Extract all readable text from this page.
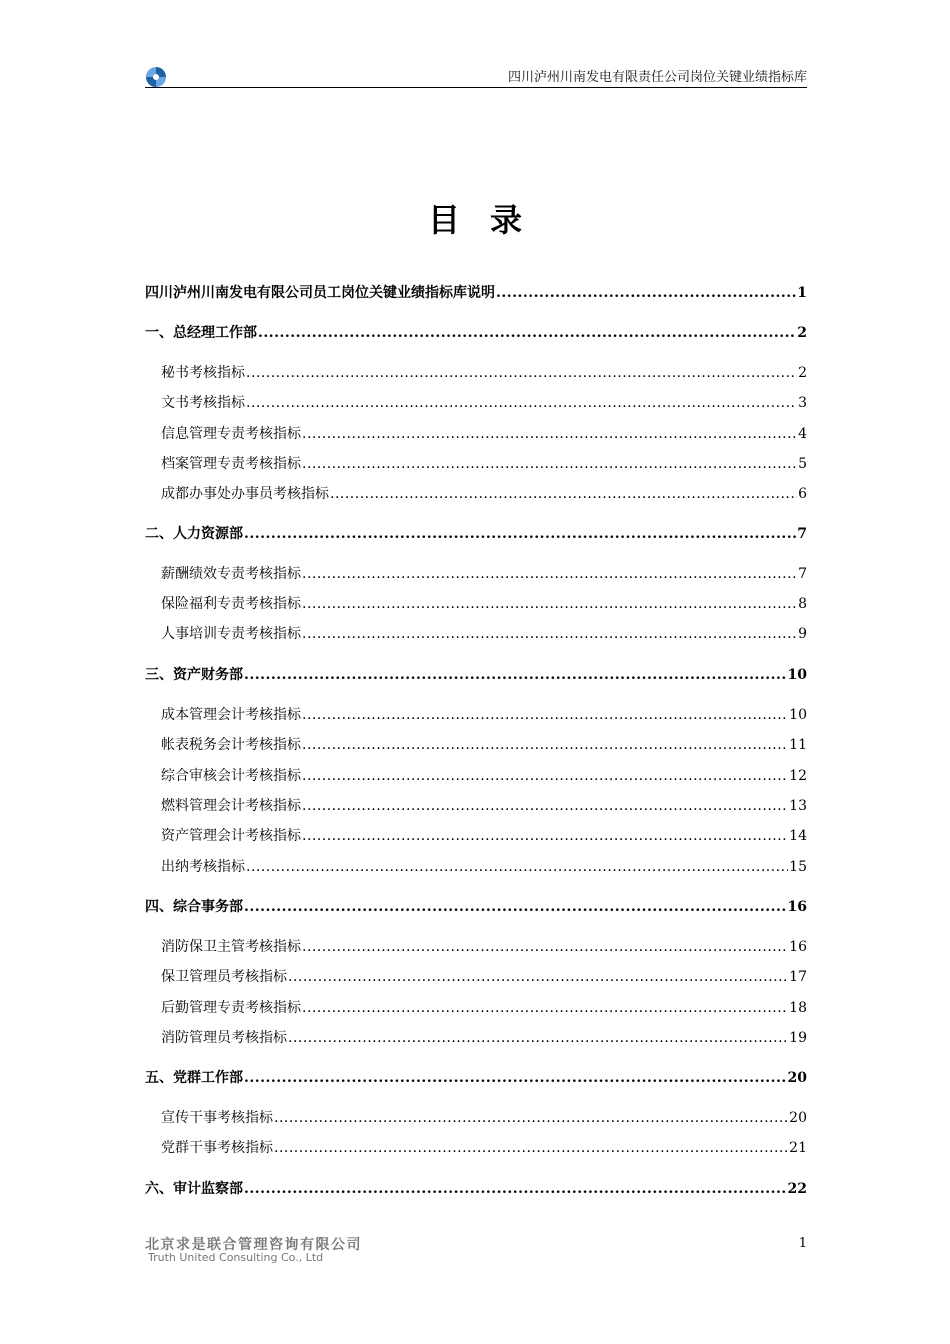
四川泸州川南发电有限责任公司岗位关键业绩指标库
目录
四川泸州川南发电有限公司员工岗位关键业绩指标库说明 .....	1
一、总经理工作部 .....	2
秘书考核指标 .....	2
文书考核指标 .....	3
信息管理专责考核指标 .....	4
档案管理专责考核指标 .....	5
成都办事处办事员考核指标 .....	6
二、人力资源部 .....	7
薪酬绩效专责考核指标 .....	7
保险福利专责考核指标 .....	8
人事培训专责考核指标 .....	9
三、资产财务部 .....	10
成本管理会计考核指标 .....	10
帐表税务会计考核指标 .....	11
综合审核会计考核指标 .....	12
燃料管理会计考核指标 .....	13
资产管理会计考核指标 .....	14
出纳考核指标 .....	15
四、综合事务部 .....	16
消防保卫主管考核指标 .....	16
保卫管理员考核指标 .....	17
后勤管理专责考核指标 .....	18
消防管理员考核指标 .....	19
五、党群工作部 .....	20
宣传干事考核指标 .....	20
党群干事考核指标 .....	21
六、审计监察部 .....	22
北京求是联合管理咨询有限公司
Truth United Consulting Co., Ltd
1
